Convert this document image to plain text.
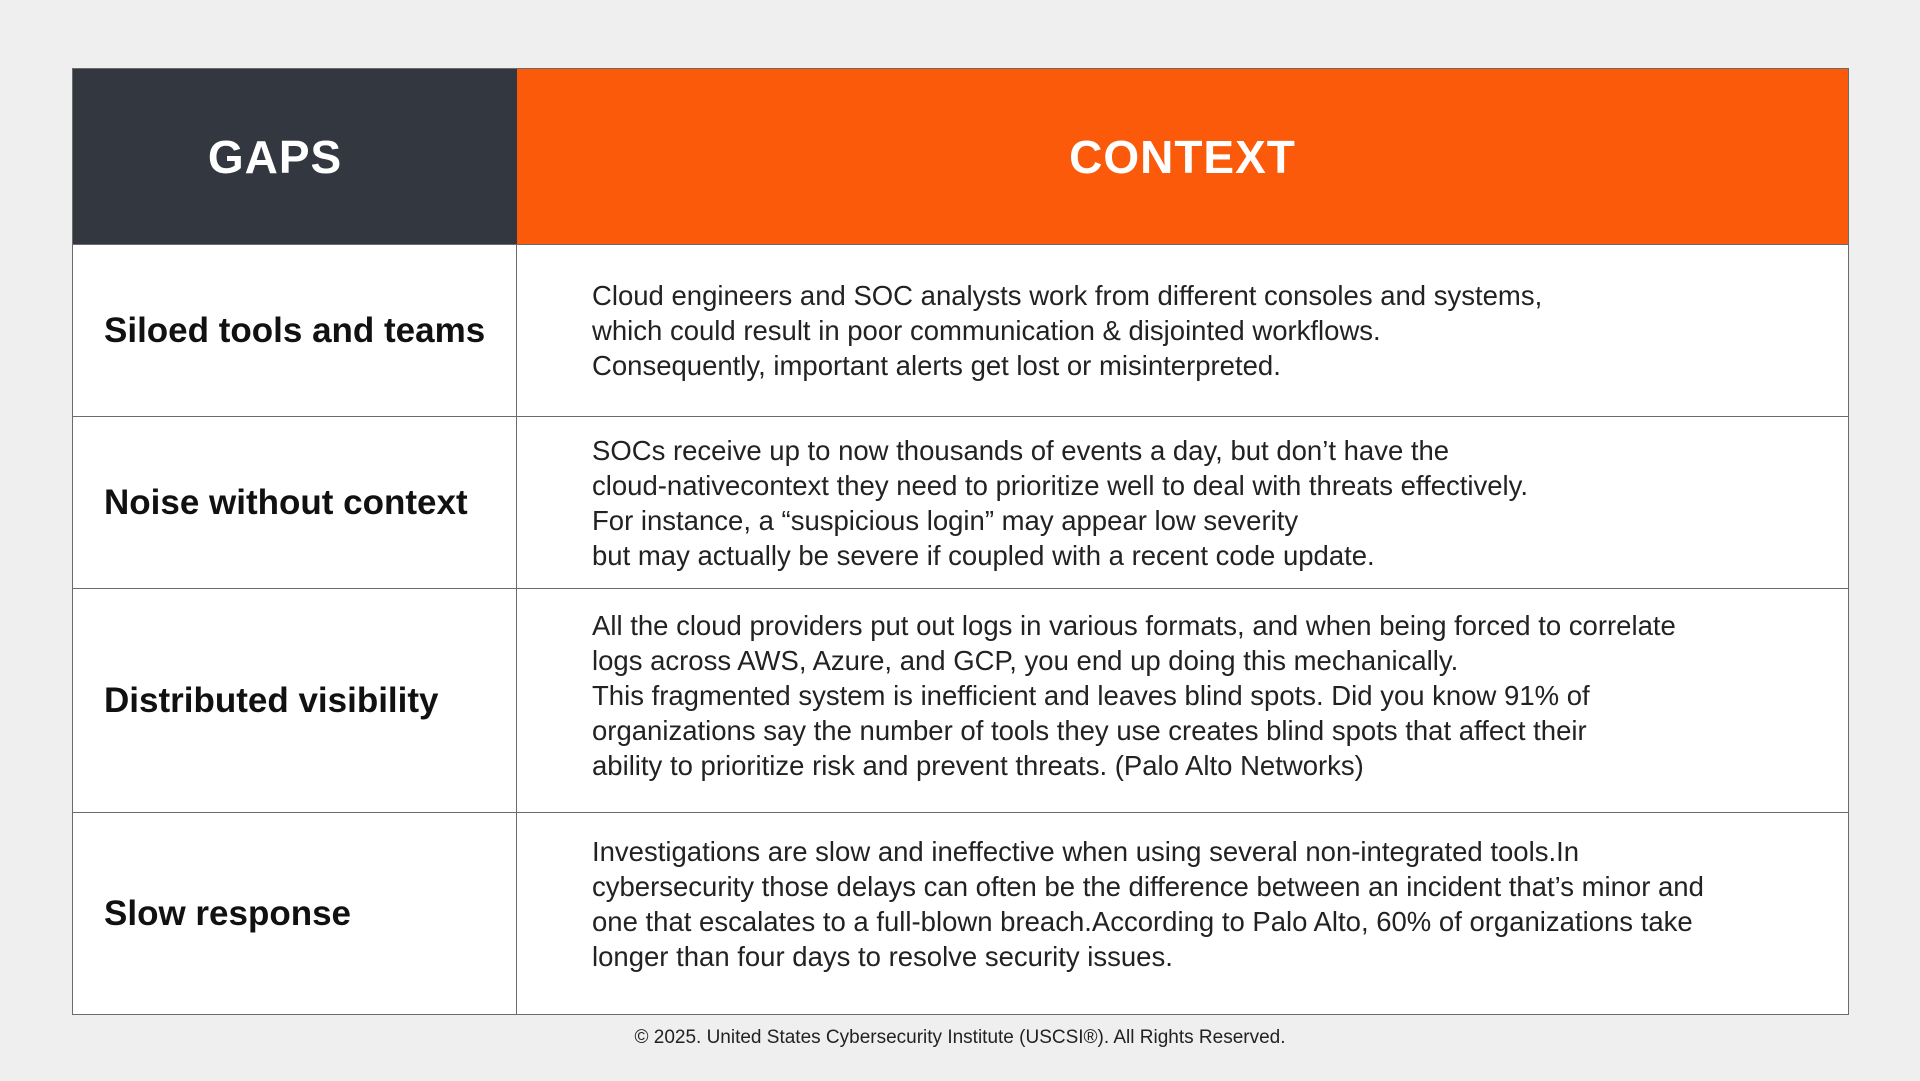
GAPS	CONTEXT
Siloed tools and teams
Cloud engineers and SOC analysts work from different consoles and systems,
which could result in poor communication & disjointed workflows.
Consequently, important alerts get lost or misinterpreted.
Noise without context
SOCs receive up to now thousands of events a day, but don’t have the
cloud-nativecontext they need to prioritize well to deal with threats effectively.
For instance, a “suspicious login” may appear low severity
but may actually be severe if coupled with a recent code update.
Distributed visibility
All the cloud providers put out logs in various formats, and when being forced to correlate
logs across AWS, Azure, and GCP, you end up doing this mechanically.
This fragmented system is inefficient and leaves blind spots. Did you know 91% of
organizations say the number of tools they use creates blind spots that affect their
ability to prioritize risk and prevent threats. (Palo Alto Networks)
Slow response
Investigations are slow and ineffective when using several non-integrated tools.In
cybersecurity those delays can often be the difference between an incident that’s minor and
one that escalates to a full-blown breach.According to Palo Alto, 60% of organizations take
longer than four days to resolve security issues.
© 2025. United States Cybersecurity Institute (USCSI®). All Rights Reserved.
